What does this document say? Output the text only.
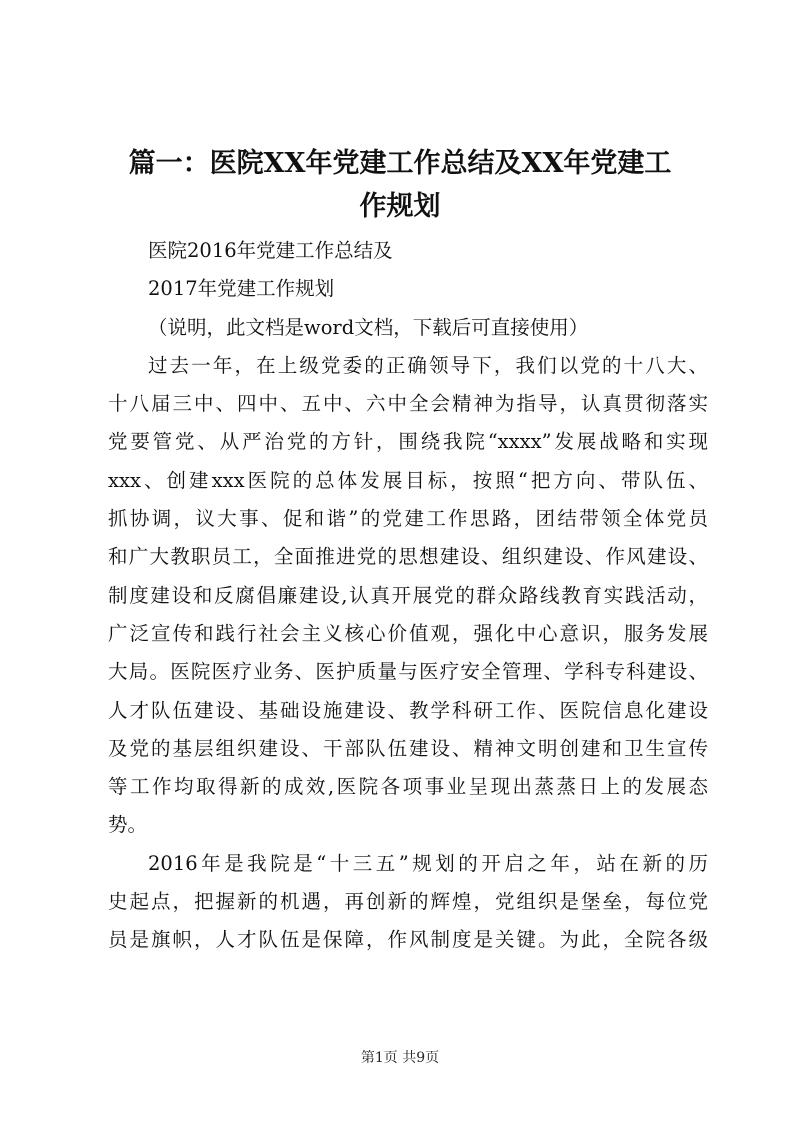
篇一：医院XX年党建工作总结及XX年党建工
作规划
医院2016年党建工作总结及
2017年党建工作规划
（说明，此文档是word文档，下载后可直接使用）
过去一年，在上级党委的正确领导下，我们以党的十八大、
十八届三中、四中、五中、六中全会精神为指导，认真贯彻落实
党要管党、从严治党的方针，围绕我院“xxxx”发展战略和实现
xxx、创建xxx医院的总体发展目标，按照“把方向、带队伍、
抓协调，议大事、促和谐”的党建工作思路，团结带领全体党员
和广大教职员工，全面推进党的思想建设、组织建设、作风建设、
制度建设和反腐倡廉建设,认真开展党的群众路线教育实践活动，
广泛宣传和践行社会主义核心价值观，强化中心意识，服务发展
大局。医院医疗业务、医护质量与医疗安全管理、学科专科建设、
人才队伍建设、基础设施建设、教学科研工作、医院信息化建设
及党的基层组织建设、干部队伍建设、精神文明创建和卫生宣传
等工作均取得新的成效,医院各项事业呈现出蒸蒸日上的发展态
势。
2016年是我院是“十三五”规划的开启之年，站在新的历
史起点，把握新的机遇，再创新的辉煌，党组织是堡垒，每位党
员是旗帜，人才队伍是保障，作风制度是关键。为此，全院各级
第1页 共9页
